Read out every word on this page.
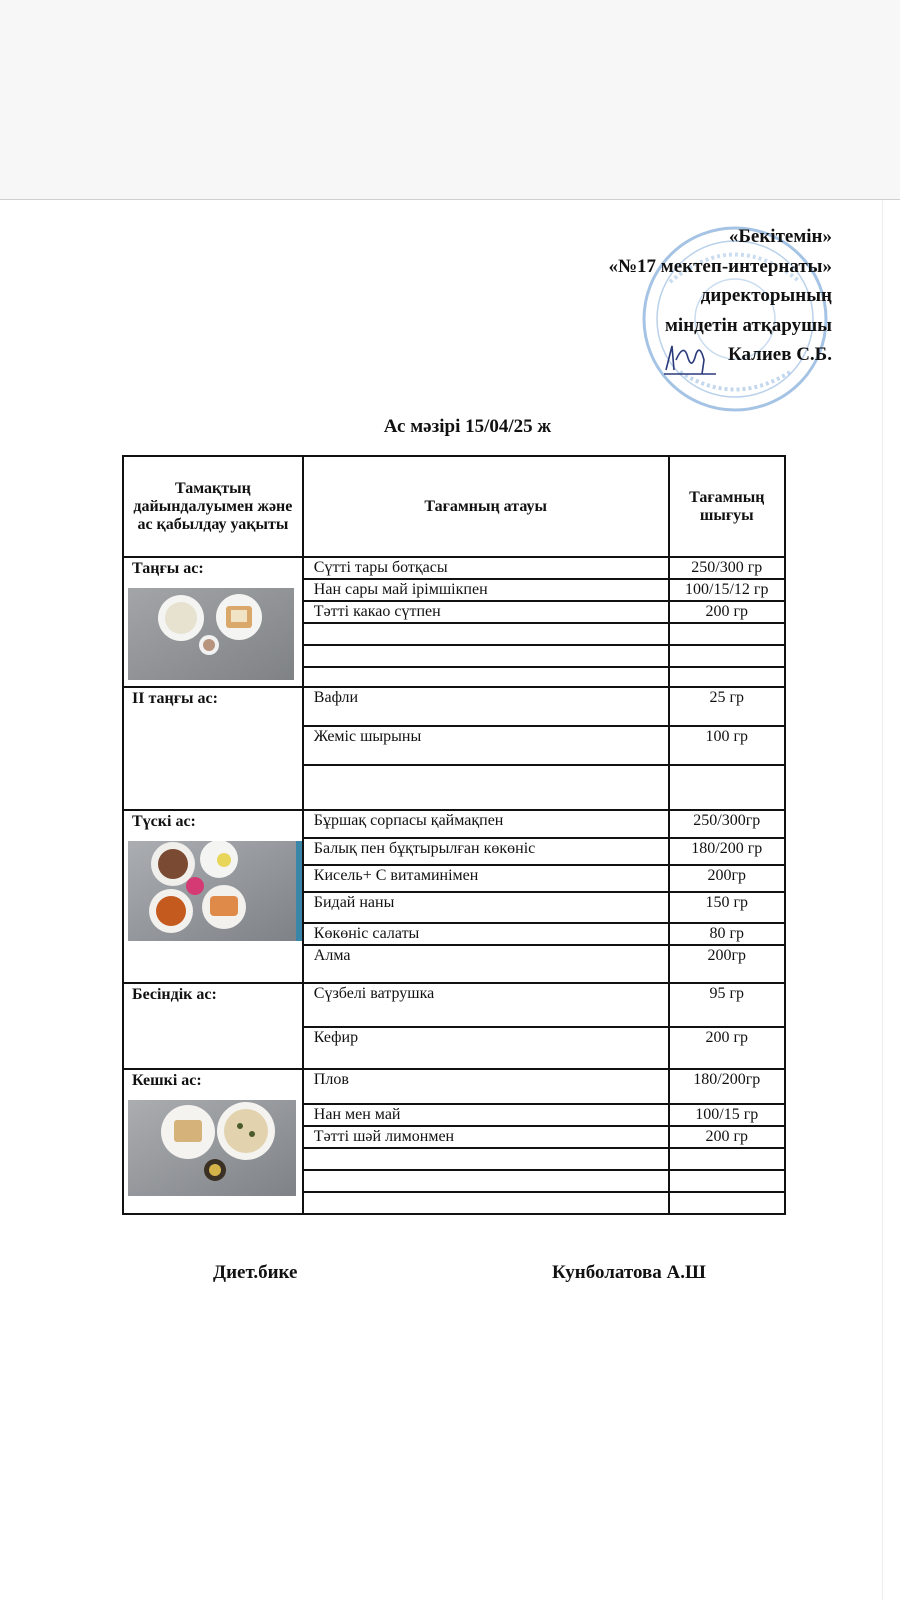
«Бекітемін»
«№17 мектеп-интернаты»
директорының
міндетін атқарушы
Калиев С.Б.
Ас мәзірі 15/04/25 ж
Тамақтың дайындалуымен және ас қабылдау уақыты	Тағамның атауы	Тағамның шығуы

Таңғы ас:	Сүтті тары ботқасы	250/300 гр
	Нан сары май ірімшікпен	100/15/12 гр
	Тәтті какао сүтпен	200 гр

ІІ таңғы ас:	Вафли	25 гр
	Жеміс шырыны	100 гр

Түскі ас:	Бұршақ сорпасы қаймақпен	250/300гр
	Балық пен бұқтырылған көкөніс	180/200 гр
	Кисель+ С витаминімен	200гр
	Бидай наны	150 гр
	Көкөніс салаты	80 гр
	Алма	200гр

Бесіндік ас:	Сүзбелі ватрушка	95 гр
	Кефир	200 гр

Кешкі ас:	Плов	180/200гр
	Нан мен май	100/15 гр
	Тәтті шәй лимонмен	200 гр

Диет.бике	Кунболатова А.Ш
